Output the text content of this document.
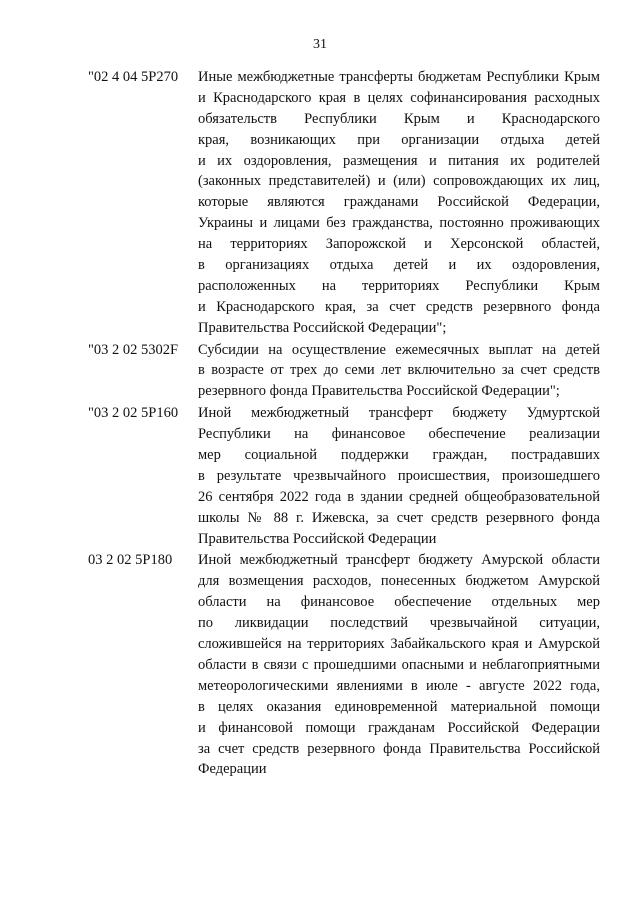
31
"02 4 04 5P270	Иные межбюджетные трансферты бюджетам Республики Крым
и Краснодарского края в целях софинансирования расходных
обязательств Республики Крым и Краснодарского
края, возникающих при организации отдыха детей
и их оздоровления, размещения и питания их родителей
(законных представителей) и (или) сопровождающих их лиц,
которые являются гражданами Российской Федерации,
Украины и лицами без гражданства, постоянно проживающих
на территориях Запорожской и Херсонской областей,
в организациях отдыха детей и их оздоровления,
расположенных на территориях Республики Крым
и Краснодарского края, за счет средств резервного фонда
Правительства Российской Федерации";
"03 2 02 5302F	Субсидии на осуществление ежемесячных выплат на детей
в возрасте от трех до семи лет включительно за счет средств
резервного фонда Правительства Российской Федерации";
"03 2 02 5P160	Иной межбюджетный трансферт бюджету Удмуртской
Республики на финансовое обеспечение реализации
мер социальной поддержки граждан, пострадавших
в результате чрезвычайного происшествия, произошедшего
26 сентября 2022 года в здании средней общеобразовательной
школы № 88 г. Ижевска, за счет средств резервного фонда
Правительства Российской Федерации
03 2 02 5P180	Иной межбюджетный трансферт бюджету Амурской области
для возмещения расходов, понесенных бюджетом Амурской
области на финансовое обеспечение отдельных мер
по ликвидации последствий чрезвычайной ситуации,
сложившейся на территориях Забайкальского края и Амурской
области в связи с прошедшими опасными и неблагоприятными
метеорологическими явлениями в июле - августе 2022 года,
в целях оказания единовременной материальной помощи
и финансовой помощи гражданам Российской Федерации
за счет средств резервного фонда Правительства Российской
Федерации
